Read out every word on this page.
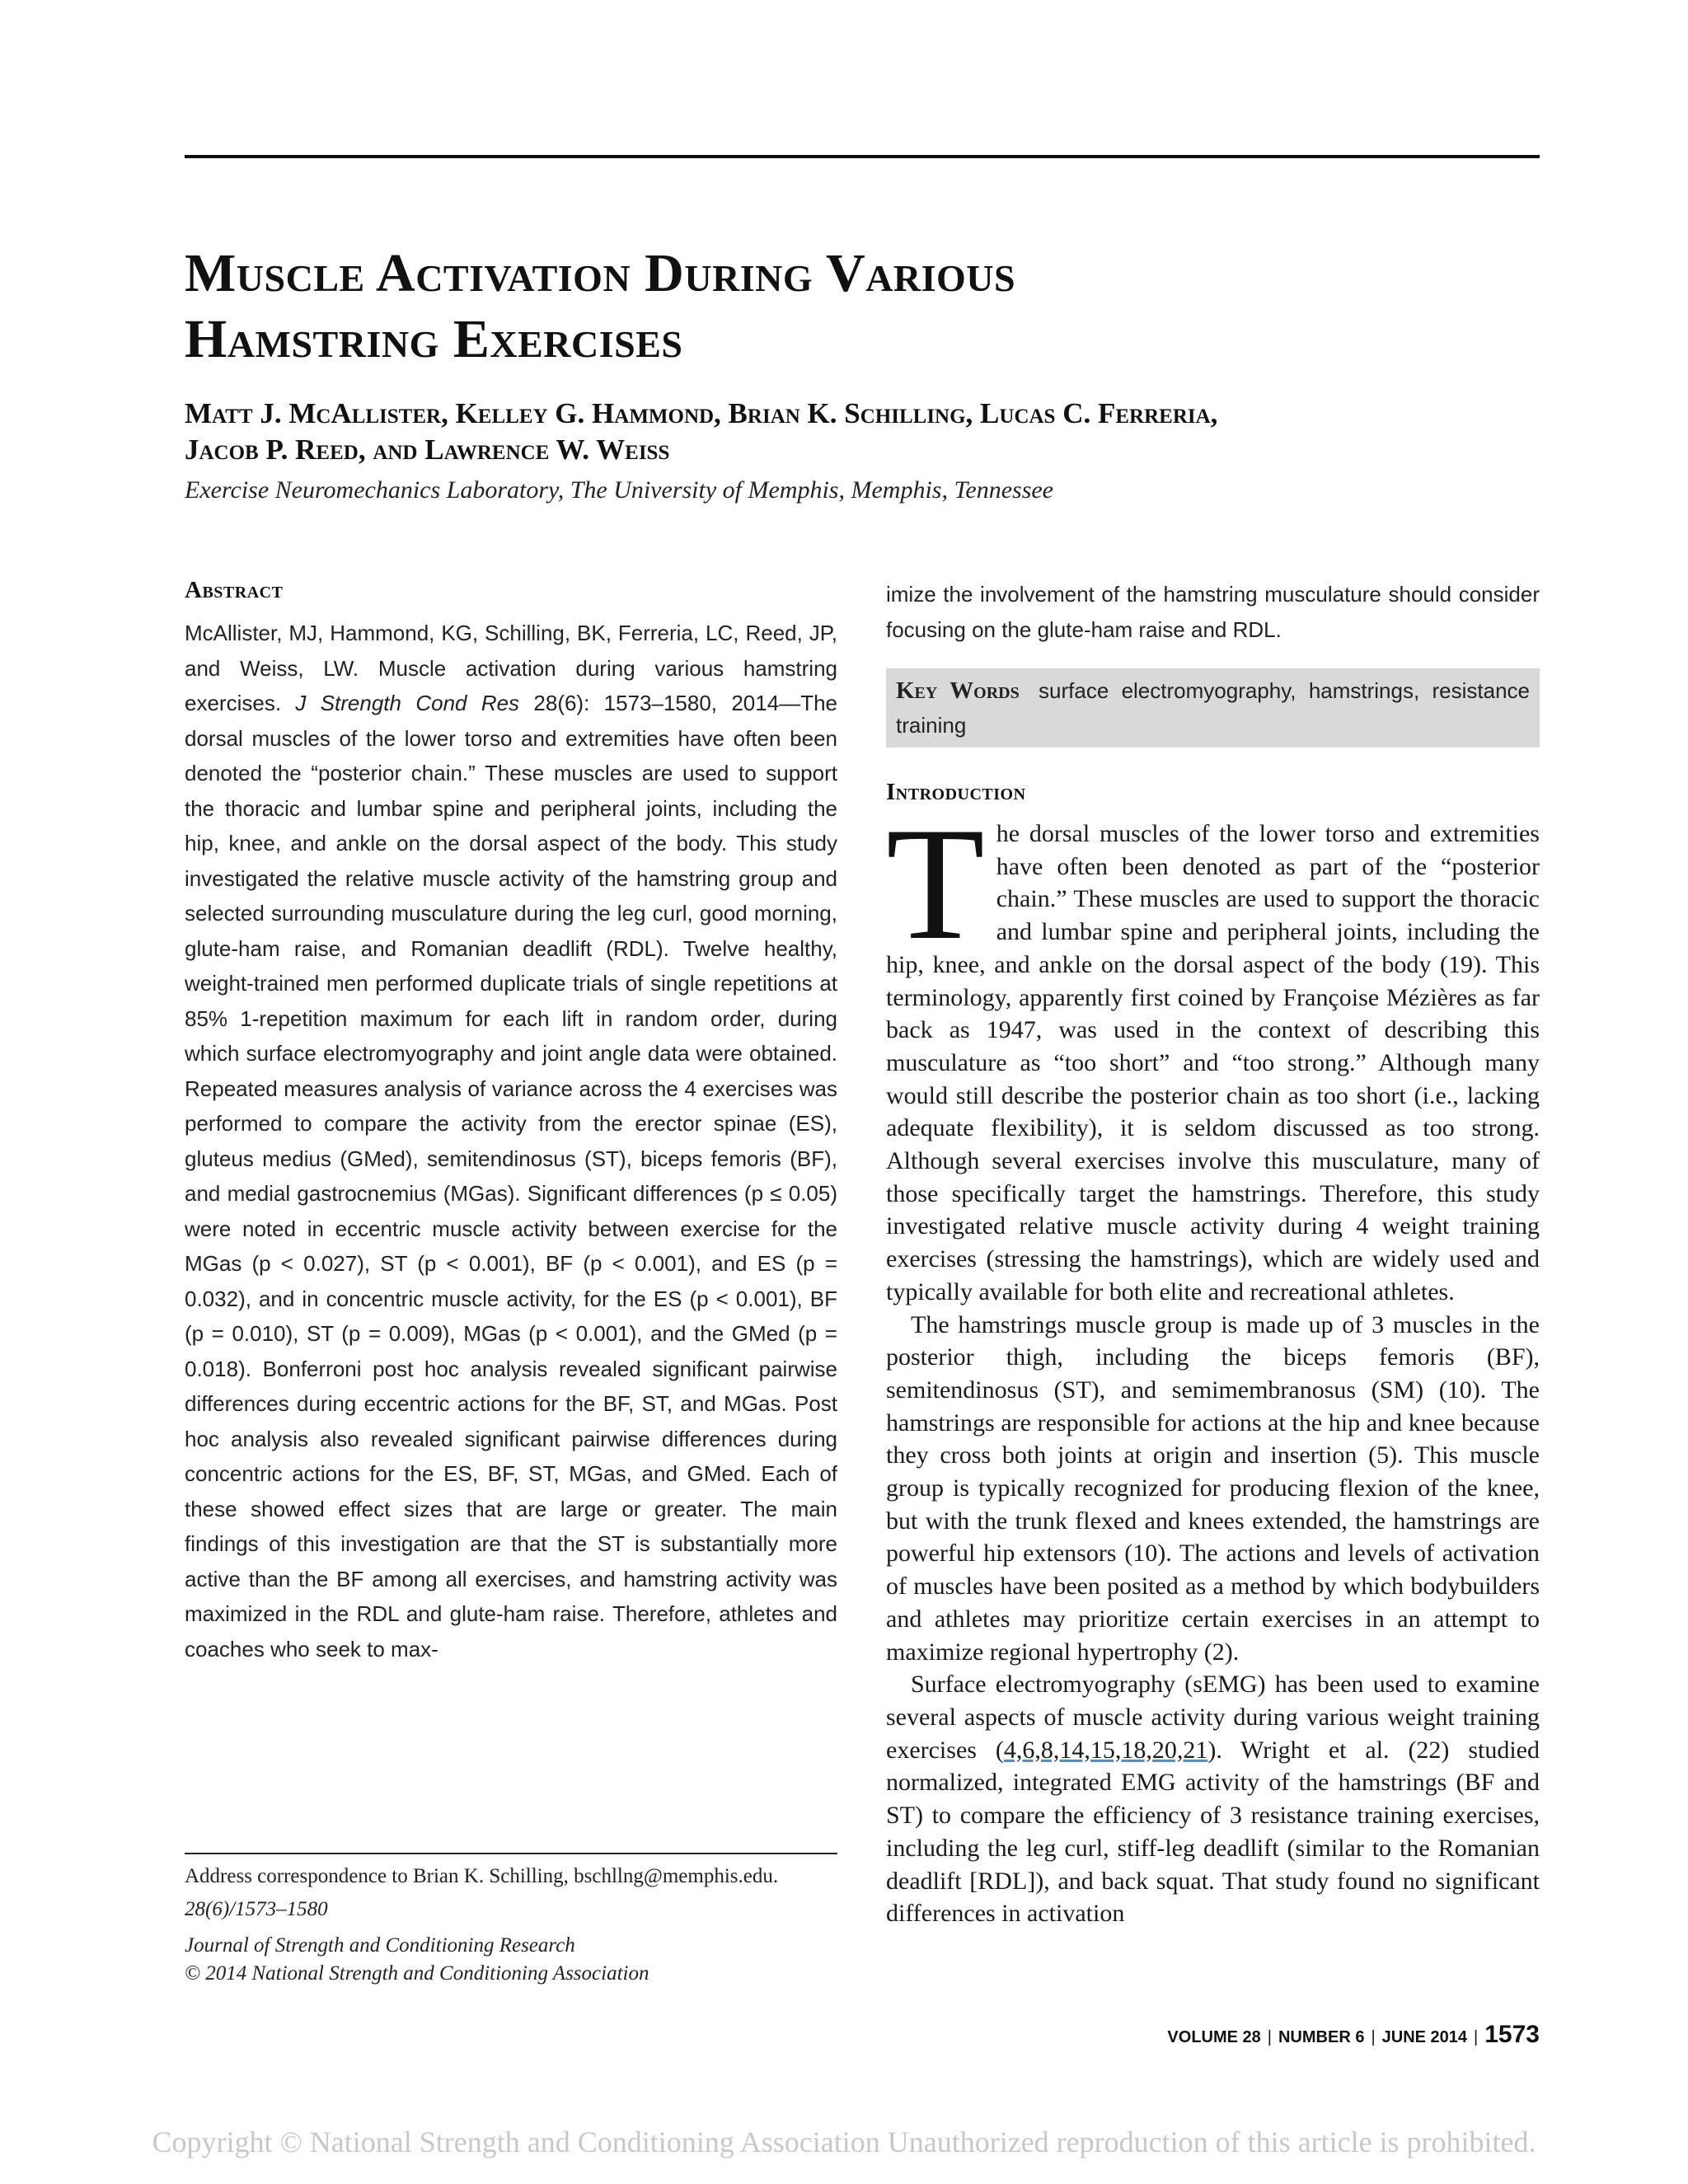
Muscle Activation During Various
Hamstring Exercises
Matt J. McAllister, Kelley G. Hammond, Brian K. Schilling, Lucas C. Ferreria,
Jacob P. Reed, and Lawrence W. Weiss

Exercise Neuromechanics Laboratory, The University of Memphis, Memphis, Tennessee

Abstract

McAllister, MJ, Hammond, KG, Schilling, BK, Ferreria, LC, Reed, JP, and Weiss, LW. Muscle activation during various hamstring exercises. J Strength Cond Res 28(6): 1573–1580, 2014—The dorsal muscles of the lower torso and extremities have often been denoted the “posterior chain.” These muscles are used to support the thoracic and lumbar spine and peripheral joints, including the hip, knee, and ankle on the dorsal aspect of the body. This study investigated the relative muscle activity of the hamstring group and selected surrounding musculature during the leg curl, good morning, glute-ham raise, and Romanian deadlift (RDL). Twelve healthy, weight-trained men performed duplicate trials of single repetitions at 85% 1-repetition maximum for each lift in random order, during which surface electromyography and joint angle data were obtained. Repeated measures analysis of variance across the 4 exercises was performed to compare the activity from the erector spinae (ES), gluteus medius (GMed), semitendinosus (ST), biceps femoris (BF), and medial gastrocnemius (MGas). Significant differences (p ≤ 0.05) were noted in eccentric muscle activity between exercise for the MGas (p < 0.027), ST (p < 0.001), BF (p < 0.001), and ES (p = 0.032), and in concentric muscle activity, for the ES (p < 0.001), BF (p = 0.010), ST (p = 0.009), MGas (p < 0.001), and the GMed (p = 0.018). Bonferroni post hoc analysis revealed significant pairwise differences during eccentric actions for the BF, ST, and MGas. Post hoc analysis also revealed significant pairwise differences during concentric actions for the ES, BF, ST, MGas, and GMed. Each of these showed effect sizes that are large or greater. The main findings of this investigation are that the ST is substantially more active than the BF among all exercises, and hamstring activity was maximized in the RDL and glute-ham raise. Therefore, athletes and coaches who seek to max-

imize the involvement of the hamstring musculature should consider focusing on the glute-ham raise and RDL.

Key Words surface electromyography, hamstrings, resistance training
Introduction

The dorsal muscles of the lower torso and extremities have often been denoted as part of the “posterior chain.” These muscles are used to support the thoracic and lumbar spine and peripheral joints, including the hip, knee, and ankle on the dorsal aspect of the body (19). This terminology, apparently first coined by Françoise Mézières as far back as 1947, was used in the context of describing this musculature as “too short” and “too strong.” Although many would still describe the posterior chain as too short (i.e., lacking adequate flexibility), it is seldom discussed as too strong. Although several exercises involve this musculature, many of those specifically target the hamstrings. Therefore, this study investigated relative muscle activity during 4 weight training exercises (stressing the hamstrings), which are widely used and typically available for both elite and recreational athletes.

The hamstrings muscle group is made up of 3 muscles in the posterior thigh, including the biceps femoris (BF), semitendinosus (ST), and semimembranosus (SM) (10). The hamstrings are responsible for actions at the hip and knee because they cross both joints at origin and insertion (5). This muscle group is typically recognized for producing flexion of the knee, but with the trunk flexed and knees extended, the hamstrings are powerful hip extensors (10). The actions and levels of activation of muscles have been posited as a method by which bodybuilders and athletes may prioritize certain exercises in an attempt to maximize regional hypertrophy (2).

Surface electromyography (sEMG) has been used to examine several aspects of muscle activity during various weight training exercises (4,6,8,14,15,18,20,21). Wright et al. (22) studied normalized, integrated EMG activity of the hamstrings (BF and ST) to compare the efficiency of 3 resistance training exercises, including the leg curl, stiff-leg deadlift (similar to the Romanian deadlift [RDL]), and back squat. That study found no significant differences in activation

Address correspondence to Brian K. Schilling, bschllng@memphis.edu.

28(6)/1573–1580

Journal of Strength and Conditioning Research

© 2014 National Strength and Conditioning Association

VOLUME 28 | NUMBER 6 | JUNE 2014 | 1573
Copyright © National Strength and Conditioning Association Unauthorized reproduction of this article is prohibited.
